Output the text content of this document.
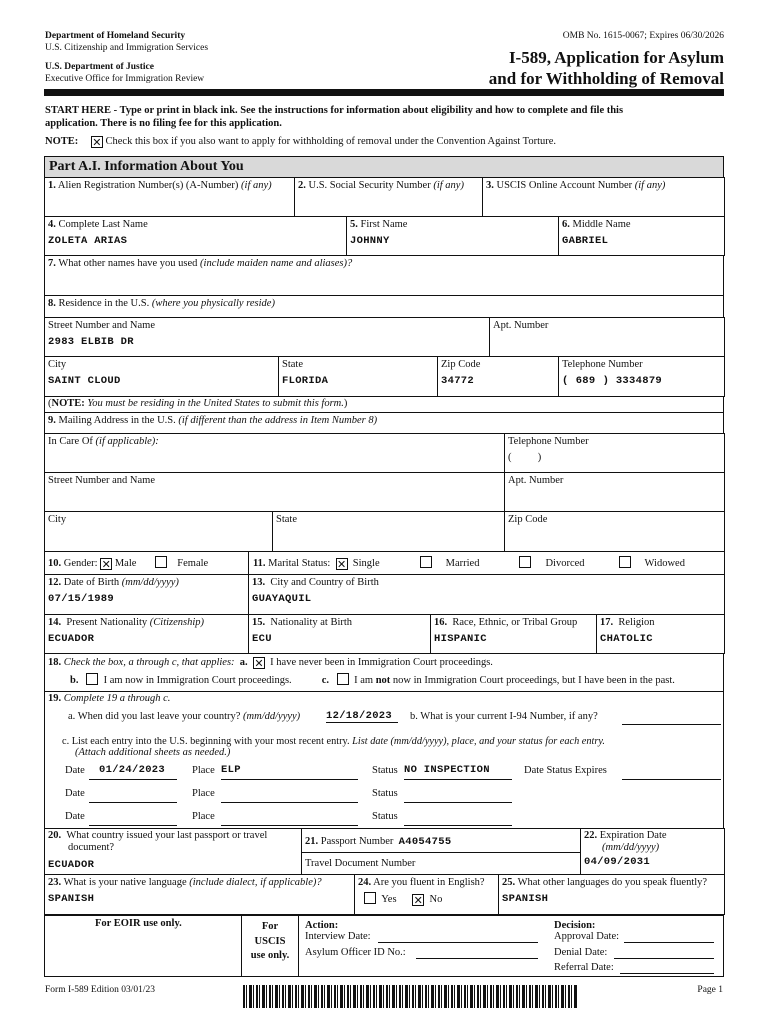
Department of Homeland Security
U.S. Citizenship and Immigration Services
U.S. Department of Justice
Executive Office for Immigration Review
OMB No. 1615-0067; Expires 06/30/2026
I-589, Application for Asylum
and for Withholding of Removal
START HERE - Type or print in black ink. See the instructions for information about eligibility and how to complete and file this
application. There is no filing fee for this application.
NOTE: ✕ Check this box if you also want to apply for withholding of removal under the Convention Against Torture.
Part A.I. Information About You
1. Alien Registration Number(s) (A-Number) (if any)	2. U.S. Social Security Number (if any)	3. USCIS Online Account Number (if any)
4. Complete Last Name
ZOLETA ARIAS
	5. First Name
JOHNNY
	6. Middle Name
GABRIEL
7. What other names have you used (include maiden name and aliases)?
8. Residence in the U.S. (where you physically reside)
Street Number and Name
2983 ELBIB DR

Apt. Number
City
SAINT CLOUD

State
FLORIDA

Zip Code
34772

Telephone Number
( 689 ) 3334879
(NOTE: You must be residing in the United States to submit this form.)
9. Mailing Address in the U.S. (if different than the address in Item Number 8)
In Care Of (if applicable):	Telephone Number
(          )

Street Number and Name	Apt. Number
City	State	Zip Code
10. Gender: ✕ Male	Female	11. Marital Status: ✕ Single	Married	Divorced	Widowed
12. Date of Birth (mm/dd/yyyy)
07/15/1989
	13. City and Country of Birth
GUAYAQUIL
14. Present Nationality (Citizenship)
ECUADOR
	15. Nationality at Birth
ECU
	16. Race, Ethnic, or Tribal Group
HISPANIC
	17. Religion
CHATOLIC
18. Check the box, a through c, that applies: a. ✕ I have never been in Immigration Court proceedings.
b. I am now in Immigration Court proceedings.	c. I am not now in Immigration Court proceedings, but I have been in the past.
19. Complete 19 a through c.
a. When did you last leave your country? (mm/dd/yyyy) 12/18/2023	b. What is your current I-94 Number, if any?
c. List each entry into the U.S. beginning with your most recent entry. List date (mm/dd/yyyy), place, and your status for each entry.
(Attach additional sheets as needed.)
Date	01/24/2023	Place ELP	Status NO INSPECTION	Date Status Expires
Date	Place	Status
Date	Place	Status
20. What country issued your last passport or travel
document?
ECUADOR
	21. Passport Number A4054755	22. Expiration Date
(mm/dd/yyyy)
04/09/2031

Travel Document Number
23. What is your native language (include dialect, if applicable)?
SPANISH
	24. Are you fluent in English?
Yes ✕ No
	25. What other languages do you speak fluently?
SPANISH
For EOIR use only.	For
USCIS
use only.
Action:
Interview Date:
Asylum Officer ID No.:
Decision:
Approval Date:
Denial Date:
Referral Date:
Form I-589 Edition 03/01/23	Page 1
